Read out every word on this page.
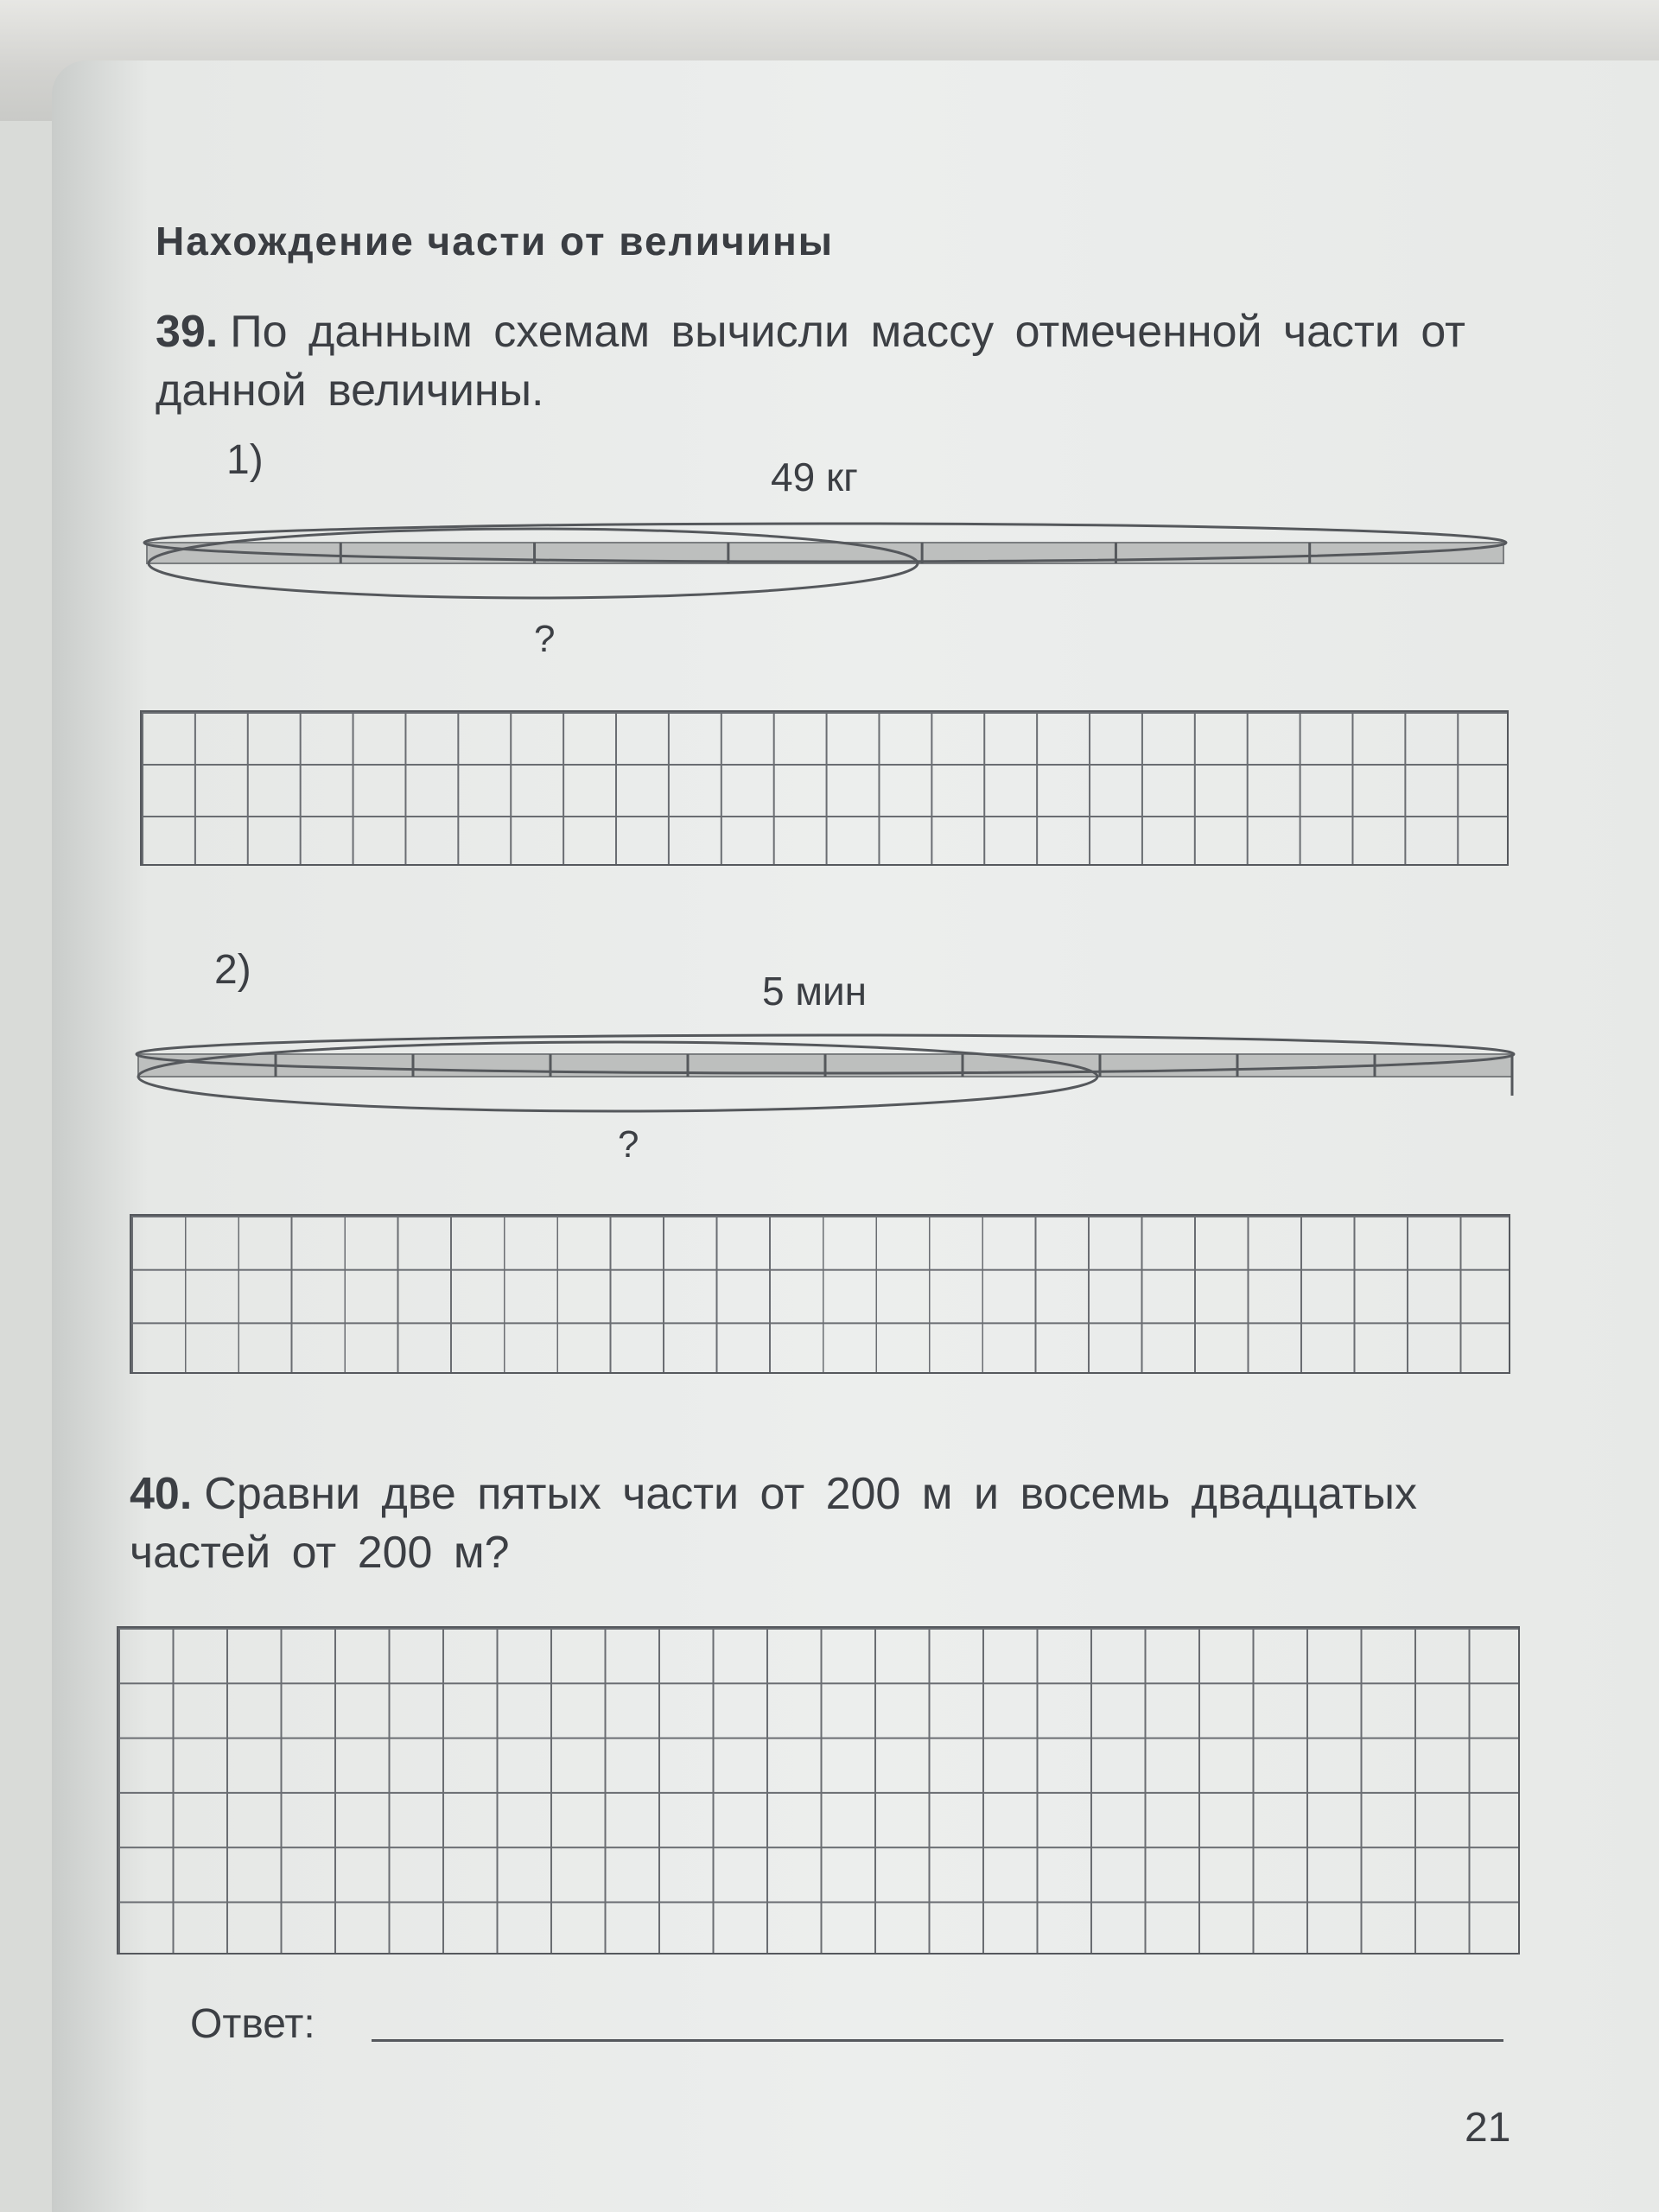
Нахождение части от величины
39. По данным схемам вычисли массу отмеченной части от данной величины.
1)	49 кг
?
2)	5 мин
?
40. Сравни две пятых части от 200 м и восемь двадцатых частей от 200 м?
Ответ:
21
